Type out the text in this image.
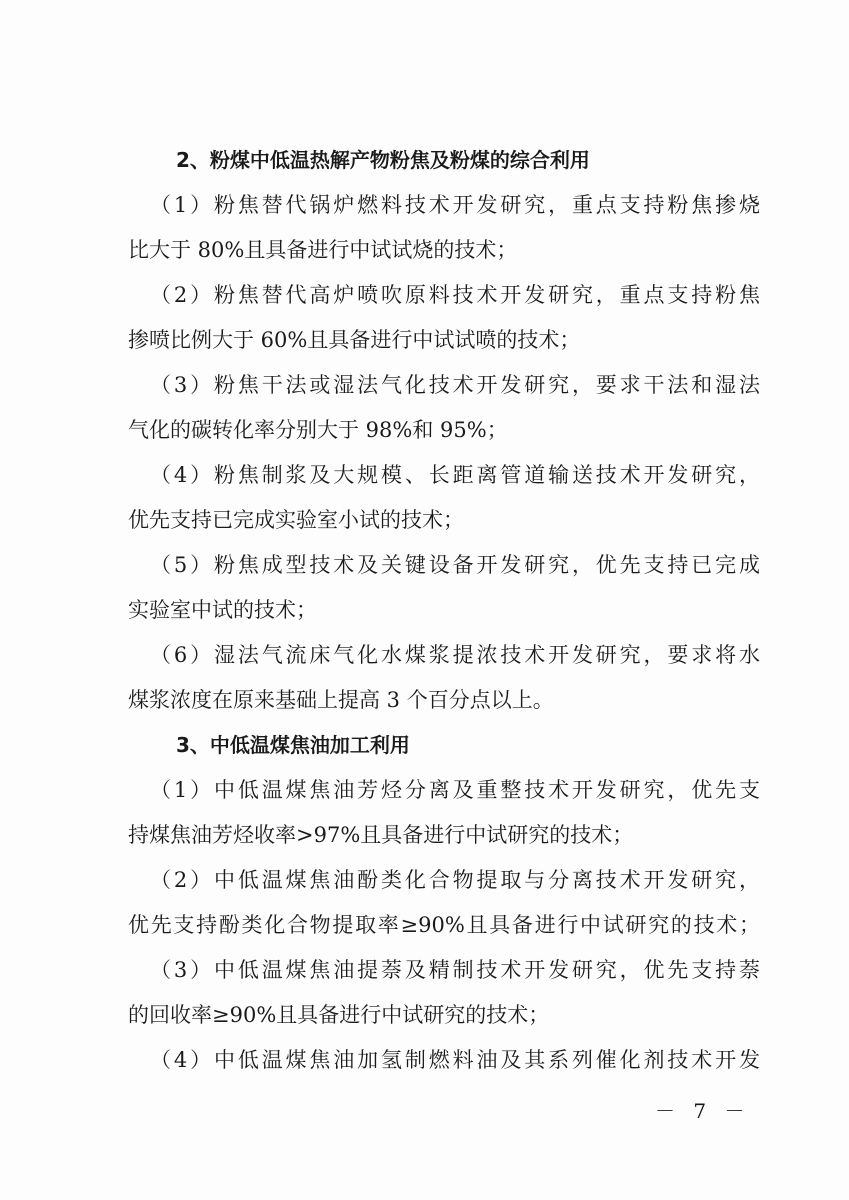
2、粉煤中低温热解产物粉焦及粉煤的综合利用
（1）粉焦替代锅炉燃料技术开发研究，重点支持粉焦掺烧
比大于 80%且具备进行中试试烧的技术；
（2）粉焦替代高炉喷吹原料技术开发研究，重点支持粉焦
掺喷比例大于 60%且具备进行中试试喷的技术；
（3）粉焦干法或湿法气化技术开发研究，要求干法和湿法
气化的碳转化率分别大于 98%和 95%；
（4）粉焦制浆及大规模、长距离管道输送技术开发研究，
优先支持已完成实验室小试的技术；
（5）粉焦成型技术及关键设备开发研究，优先支持已完成
实验室中试的技术；
（6）湿法气流床气化水煤浆提浓技术开发研究，要求将水
煤浆浓度在原来基础上提高 3 个百分点以上。
3、中低温煤焦油加工利用
（1）中低温煤焦油芳烃分离及重整技术开发研究，优先支
持煤焦油芳烃收率>97%且具备进行中试研究的技术；
（2）中低温煤焦油酚类化合物提取与分离技术开发研究，
优先支持酚类化合物提取率≥90%且具备进行中试研究的技术；
（3）中低温煤焦油提萘及精制技术开发研究，优先支持萘
的回收率≥90%且具备进行中试研究的技术；
（4）中低温煤焦油加氢制燃料油及其系列催化剂技术开发
－ 7 －
